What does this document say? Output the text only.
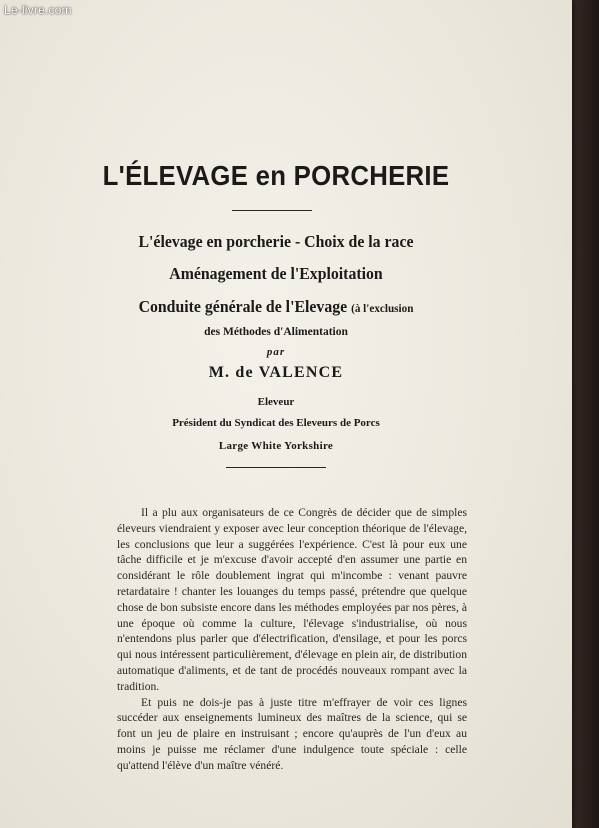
Le-livre.com
L'ÉLEVAGE en PORCHERIE
L'élevage en porcherie - Choix de la race
Aménagement de l'Exploitation
Conduite générale de l'Elevage (à l'exclusion
des Méthodes d'Alimentation
par
M. de VALENCE
Eleveur
Président du Syndicat des Eleveurs de Porcs
Large White Yorkshire

Il a plu aux organisateurs de ce Congrès de décider que de simples éleveurs viendraient y exposer avec leur conception théorique de l'élevage, les conclusions que leur a suggérées l'expérience. C'est là pour eux une tâche difficile et je m'excuse d'avoir accepté d'en assumer une partie en considérant le rôle doublement ingrat qui m'incombe : venant pauvre retardataire ! chanter les louanges du temps passé, prétendre que quelque chose de bon subsiste encore dans les méthodes employées par nos pères, à une époque où comme la culture, l'élevage s'industrialise, où nous n'entendons plus parler que d'électrification, d'ensilage, et pour les porcs qui nous intéressent particulièrement, d'élevage en plein air, de distribution automatique d'aliments, et de tant de procédés nouveaux rompant avec la tradition.

Et puis ne dois-je pas à juste titre m'effrayer de voir ces lignes succéder aux enseignements lumineux des maîtres de la science, qui se font un jeu de plaire en instruisant ; encore qu'auprès de l'un d'eux au moins je puisse me réclamer d'une indulgence toute spéciale : celle qu'attend l'élève d'un maître vénéré.
